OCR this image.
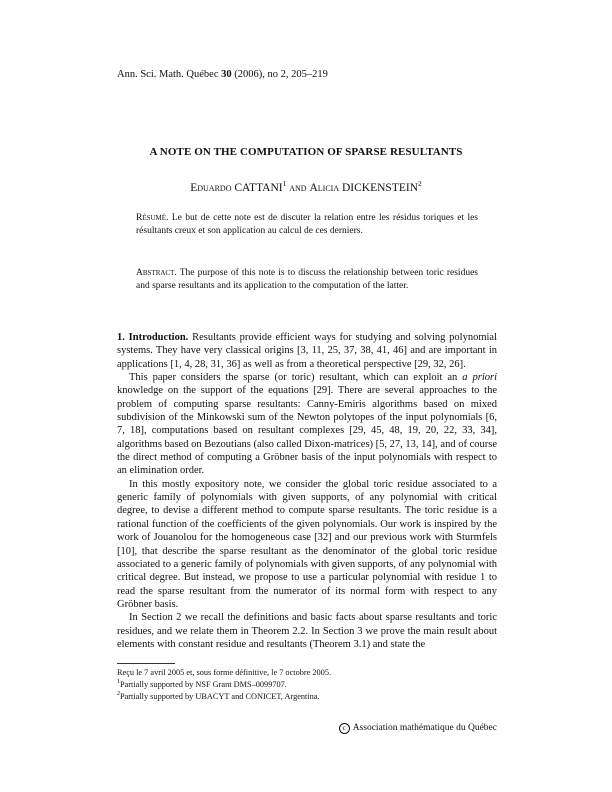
Ann. Sci. Math. Québec 30 (2006), no 2, 205–219
A NOTE ON THE COMPUTATION OF SPARSE RESULTANTS
Eduardo CATTANI$^1$ and Alicia DICKENSTEIN$^2$
Résumé. Le but de cette note est de discuter la relation entre les résidus toriques et les résultants creux et son application au calcul de ces derniers.
Abstract. The purpose of this note is to discuss the relationship between toric residues and sparse resultants and its application to the computation of the latter.

1. Introduction. Resultants provide efficient ways for studying and solving polynomial systems. They have very classical origins [3, 11, 25, 37, 38, 41, 46] and are important in applications [1, 4, 28, 31, 36] as well as from a theoretical perspective [29, 32, 26].

This paper considers the sparse (or toric) resultant, which can exploit an a priori knowledge on the support of the equations [29]. There are several approaches to the problem of computing sparse resultants: Canny-Emiris algorithms based on mixed subdivision of the Minkowski sum of the Newton polytopes of the input polynomials [6, 7, 18], computations based on resultant complexes [29, 45, 48, 19, 20, 22, 33, 34], algorithms based on Bezoutians (also called Dixon-matrices) [5, 27, 13, 14], and of course the direct method of computing a Gröbner basis of the input polynomials with respect to an elimination order.

In this mostly expository note, we consider the global toric residue associated to a generic family of polynomials with given supports, of any polynomial with critical degree, to devise a different method to compute sparse resultants. The toric residue is a rational function of the coefficients of the given polynomials. Our work is inspired by the work of Jouanolou for the homogeneous case [32] and our previous work with Sturmfels [10], that describe the sparse resultant as the denominator of the global toric residue associated to a generic family of polynomials with given supports, of any polynomial with critical degree. But instead, we propose to use a particular polynomial with residue 1 to read the sparse resultant from the numerator of its normal form with respect to any Gröbner basis.

In Section 2 we recall the definitions and basic facts about sparse resultants and toric residues, and we relate them in Theorem 2.2. In Section 3 we prove the main result about elements with constant residue and resultants (Theorem 3.1) and state the

Reçu le 7 avril 2005 et, sous forme définitive, le 7 octobre 2005.
$^1$Partially supported by NSF Grant DMS–0099707.
$^2$Partially supported by UBACYT and CONICET, Argentina.
c Association mathématique du Québec
